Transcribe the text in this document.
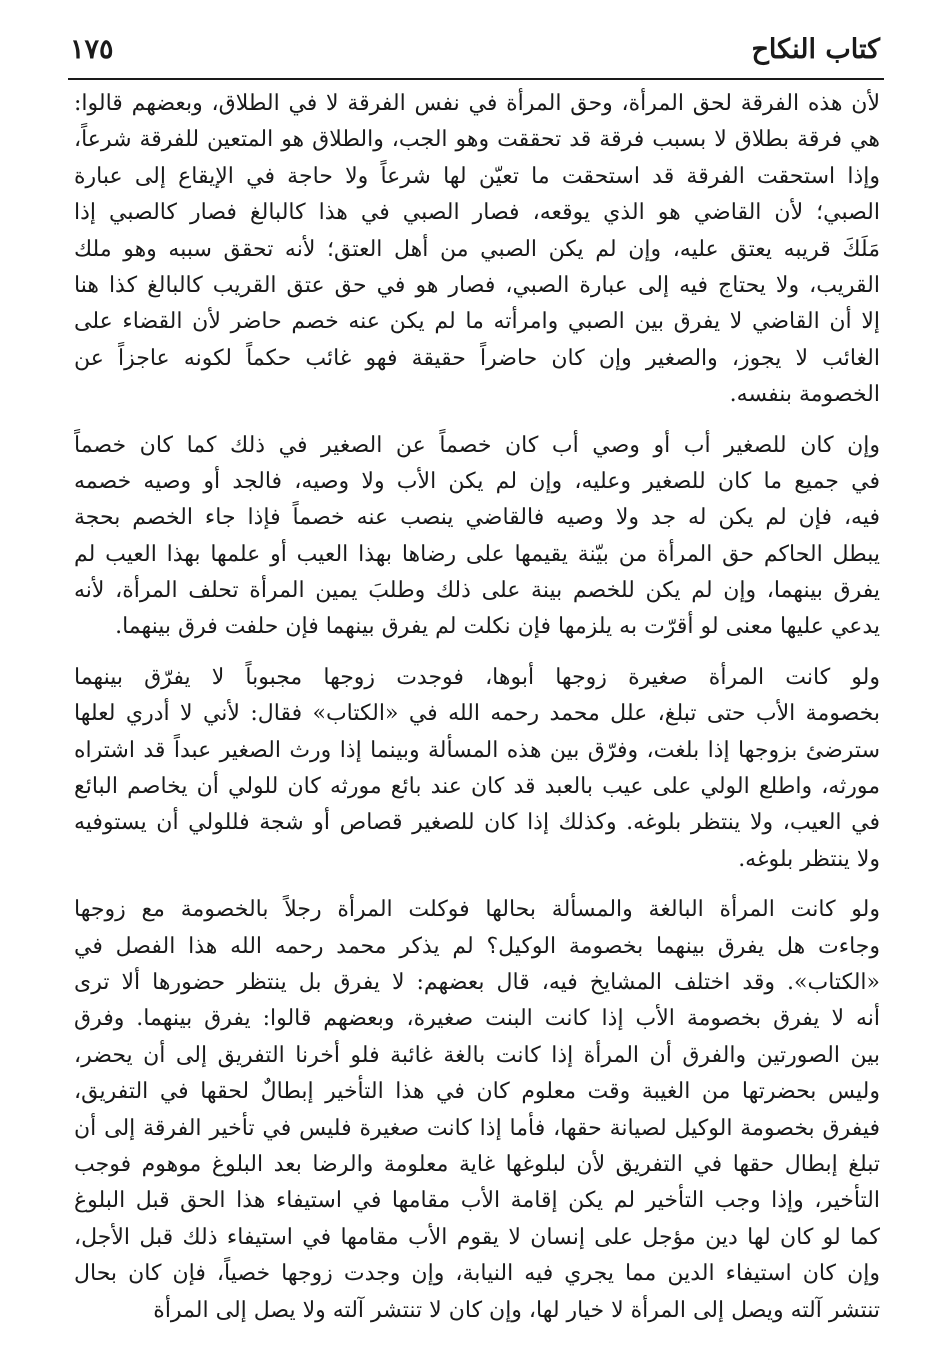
كتاب النكاح
١٧٥
لأن هذه الفرقة لحق المرأة، وحق المرأة في نفس الفرقة لا في الطلاق، وبعضهم قالوا:
هي فرقة بطلاق لا بسبب فرقة قد تحققت وهو الجب، والطلاق هو المتعين للفرقة شرعاً،
وإذا استحقت الفرقة قد استحقت ما تعيّن لها شرعاً ولا حاجة في الإيقاع إلى عبارة
الصبي؛ لأن القاضي هو الذي يوقعه، فصار الصبي في هذا كالبالغ فصار كالصبي إذا
مَلَكَ قريبه يعتق عليه، وإن لم يكن الصبي من أهل العتق؛ لأنه تحقق سببه وهو ملك
القريب، ولا يحتاج فيه إلى عبارة الصبي، فصار هو في حق عتق القريب كالبالغ كذا هنا
إلا أن القاضي لا يفرق بين الصبي وامرأته ما لم يكن عنه خصم حاضر لأن القضاء على
الغائب لا يجوز، والصغير وإن كان حاضراً حقيقة فهو غائب حكماً لكونه عاجزاً عن
الخصومة بنفسه.
وإن كان للصغير أب أو وصي أب كان خصماً عن الصغير في ذلك كما كان خصماً
في جميع ما كان للصغير وعليه، وإن لم يكن الأب ولا وصيه، فالجد أو وصيه خصمه
فيه، فإن لم يكن له جد ولا وصيه فالقاضي ينصب عنه خصماً فإذا جاء الخصم بحجة
يبطل الحاكم حق المرأة من بيّنة يقيمها على رضاها بهذا العيب أو علمها بهذا العيب لم
يفرق بينهما، وإن لم يكن للخصم بينة على ذلك وطلبَ يمين المرأة تحلف المرأة، لأنه
يدعي عليها معنى لو أقرّت به يلزمها فإن نكلت لم يفرق بينهما فإن حلفت فرق بينهما.
ولو كانت المرأة صغيرة زوجها أبوها، فوجدت زوجها مجبوباً لا يفرّق بينهما
بخصومة الأب حتى تبلغ، علل محمد رحمه الله في «الكتاب» فقال: لأني لا أدري لعلها
سترضئ بزوجها إذا بلغت، وفرّق بين هذه المسألة وبينما إذا ورث الصغير عبداً قد اشتراه
مورثه، واطلع الولي على عيب بالعبد قد كان عند بائع مورثه كان للولي أن يخاصم البائع
في العيب، ولا ينتظر بلوغه. وكذلك إذا كان للصغير قصاص أو شجة فللولي أن يستوفيه
ولا ينتظر بلوغه.
ولو كانت المرأة البالغة والمسألة بحالها فوكلت المرأة رجلاً بالخصومة مع زوجها
وجاءت هل يفرق بينهما بخصومة الوكيل؟ لم يذكر محمد رحمه الله هذا الفصل في
«الكتاب». وقد اختلف المشايخ فيه، قال بعضهم: لا يفرق بل ينتظر حضورها ألا ترى
أنه لا يفرق بخصومة الأب إذا كانت البنت صغيرة، وبعضهم قالوا: يفرق بينهما. وفرق
بين الصورتين والفرق أن المرأة إذا كانت بالغة غائبة فلو أخرنا التفريق إلى أن يحضر،
وليس بحضرتها من الغيبة وقت معلوم كان في هذا التأخير إبطالٌ لحقها في التفريق،
فيفرق بخصومة الوكيل لصيانة حقها، فأما إذا كانت صغيرة فليس في تأخير الفرقة إلى أن
تبلغ إبطال حقها في التفريق لأن لبلوغها غاية معلومة والرضا بعد البلوغ موهوم فوجب
التأخير، وإذا وجب التأخير لم يكن إقامة الأب مقامها في استيفاء هذا الحق قبل البلوغ
كما لو كان لها دين مؤجل على إنسان لا يقوم الأب مقامها في استيفاء ذلك قبل الأجل،
وإن كان استيفاء الدين مما يجري فيه النيابة، وإن وجدت زوجها خصياً، فإن كان بحال
تنتشر آلته ويصل إلى المرأة لا خيار لها، وإن كان لا تنتشر آلته ولا يصل إلى المرأة
